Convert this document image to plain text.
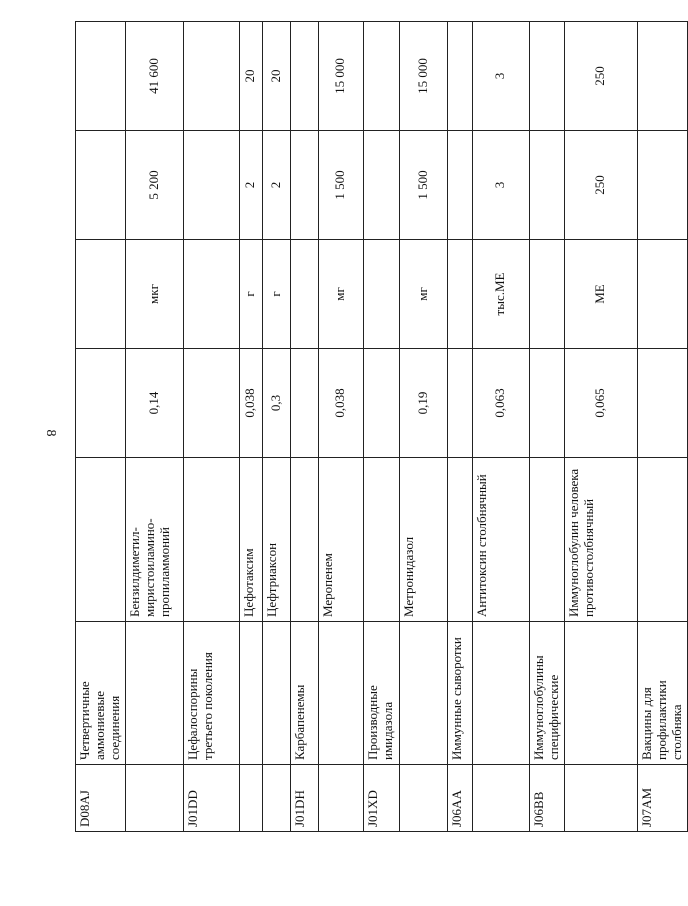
8
D08AJ	Четвертичные аммониевые соединения					
		Бензилдиметил-миристоиламино-пропиламмоний	0,14	мкг	5 200	41 600
J01DD	Цефалоспорины третьего поколения					
		Цефотаксим	0,038	г	2	20
		Цефтриаксон	0,3	г	2	20
J01DH	Карбапенемы					
		Меропенем	0,038	мг	1 500	15 000
J01XD	Производные имидазола					
		Метронидазол	0,19	мг	1 500	15 000
J06AA	Иммунные сыворотки					
		Антитоксин столбнячный	0,063	тыс.МЕ	3	3
J06BB	Иммуноглобулины специфические					
		Иммуноглобулин человека противостолбнячный	0,065	МЕ	250	250
J07AM	Вакцины для профилактики столбняка					
